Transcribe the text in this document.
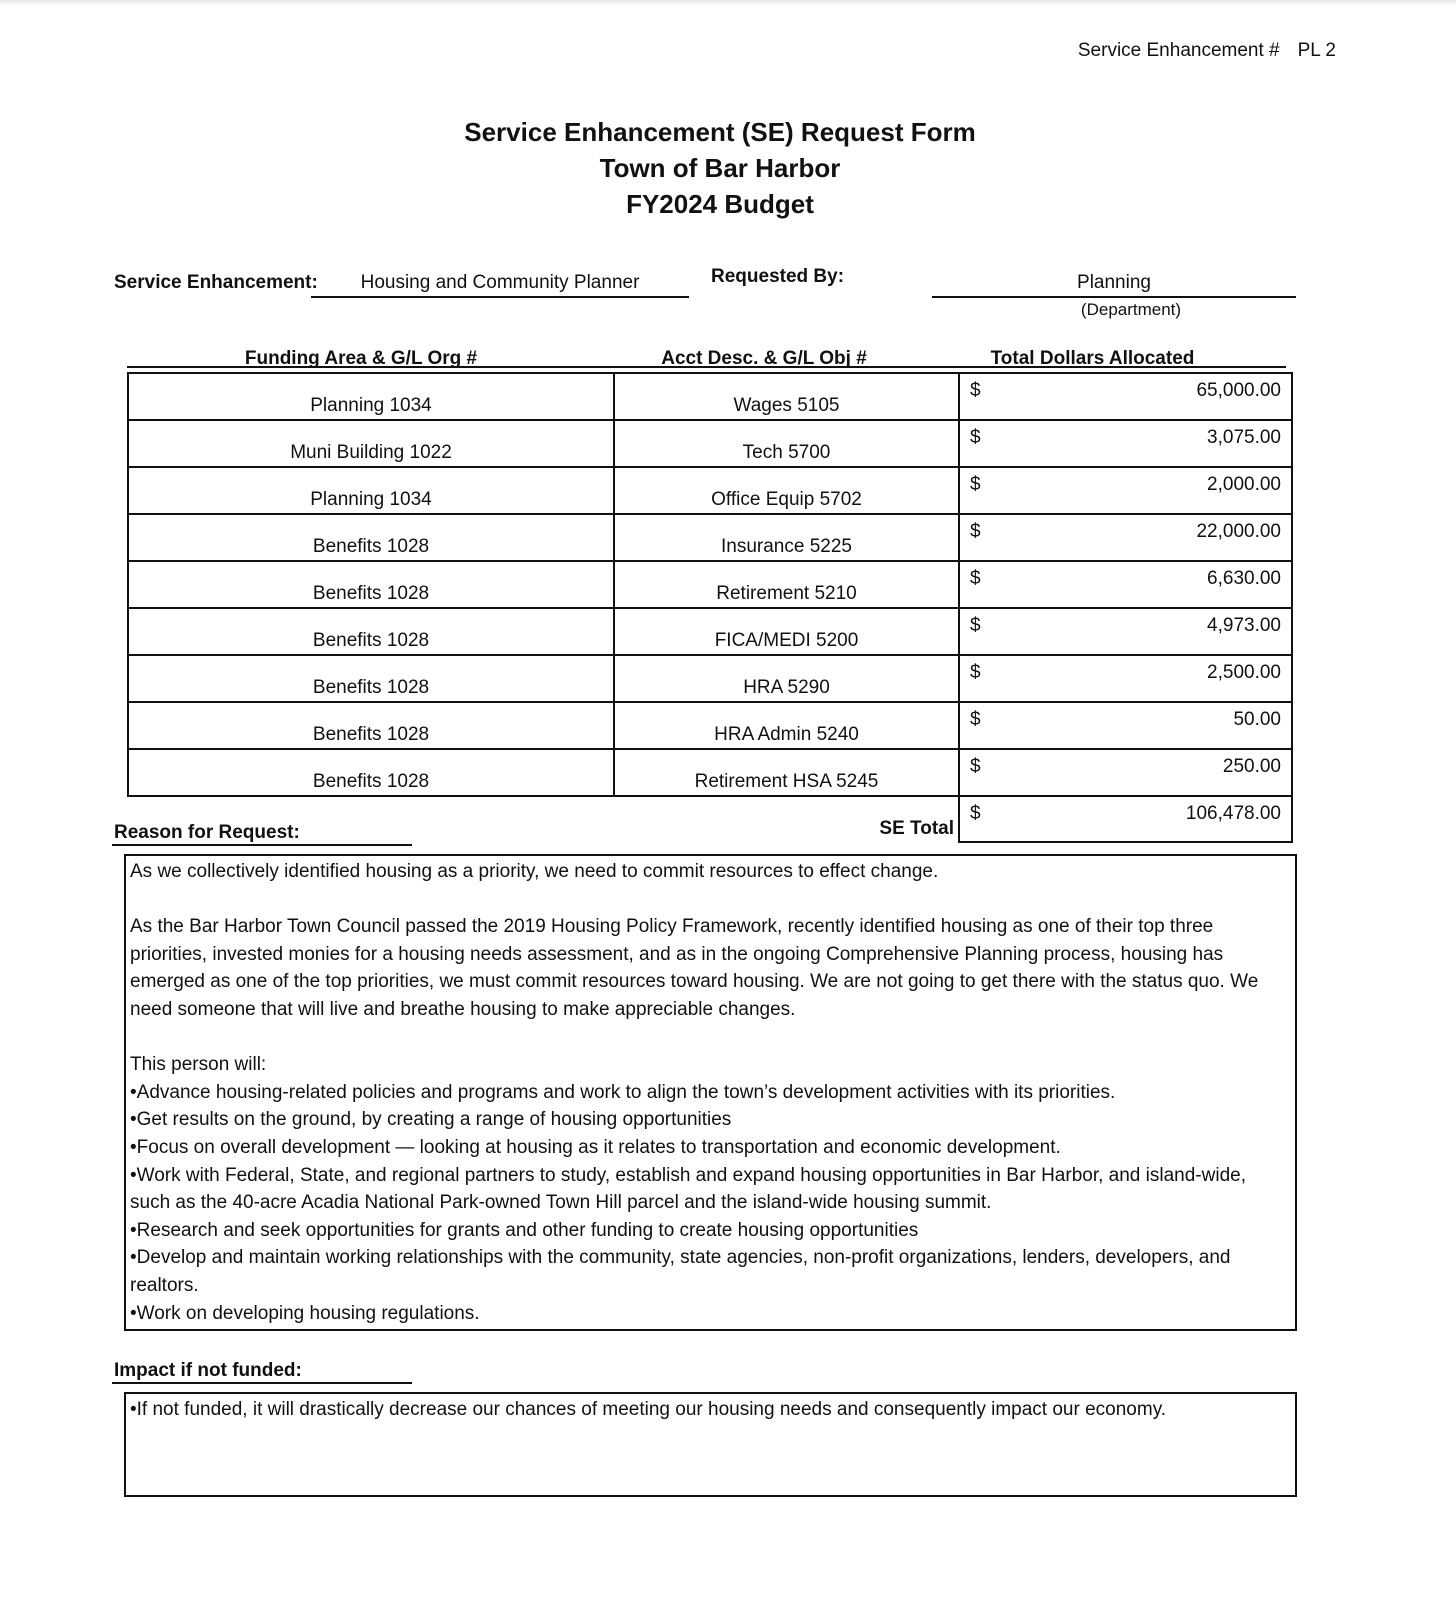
Service Enhancement # PL 2
Service Enhancement (SE) Request Form
Town of Bar Harbor
FY2024 Budget
Service Enhancement:	Housing and Community Planner	Requested By:	Planning
(Department)
Funding Area & G/L Org #	Acct Desc. & G/L Obj #	Total Dollars Allocated
Planning 1034	Wages 5105	$ 65,000.00

Muni Building 1022	Tech 5700	$ 3,075.00

Planning 1034	Office Equip 5702	$ 2,000.00

Benefits 1028	Insurance 5225	$ 22,000.00

Benefits 1028	Retirement 5210	$ 6,630.00

Benefits 1028	FICA/MEDI 5200	$ 4,973.00

Benefits 1028	HRA 5290	$ 2,500.00

Benefits 1028	HRA Admin 5240	$ 50.00

Benefits 1028	Retirement HSA 5245	$ 250.00

	SE Total	$ 106,478.00
Reason for Request:

As we collectively identified housing as a priority, we need to commit resources to effect change.

As the Bar Harbor Town Council passed the 2019 Housing Policy Framework, recently identified housing as one of their top three priorities, invested monies for a housing needs assessment, and as in the ongoing Comprehensive Planning process, housing has emerged as one of the top priorities, we must commit resources toward housing. We are not going to get there with the status quo. We need someone that will live and breathe housing to make appreciable changes.

This person will:

•Advance housing-related policies and programs and work to align the town’s development activities with its priorities.

•Get results on the ground, by creating a range of housing opportunities

•Focus on overall development — looking at housing as it relates to transportation and economic development.

•Work with Federal, State, and regional partners to study, establish and expand housing opportunities in Bar Harbor, and island-wide, such as the 40-acre Acadia National Park-owned Town Hill parcel and the island-wide housing summit.

•Research and seek opportunities for grants and other funding to create housing opportunities

•Develop and maintain working relationships with the community, state agencies, non-profit organizations, lenders, developers, and realtors.

•Work on developing housing regulations.

Impact if not funded:

•If not funded, it will drastically decrease our chances of meeting our housing needs and consequently impact our economy.
